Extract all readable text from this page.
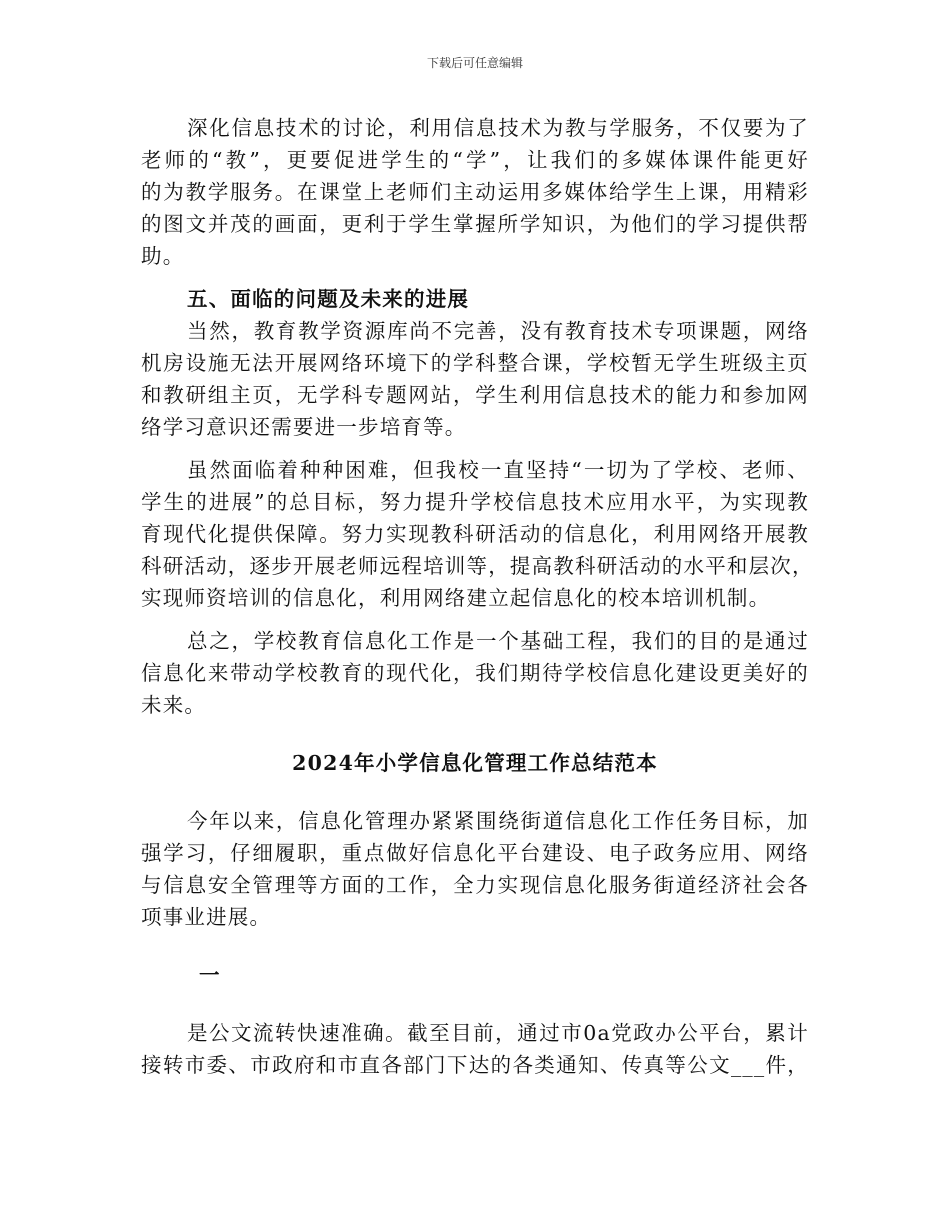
下载后可任意编辑
深化信息技术的讨论，利用信息技术为教与学服务，不仅要为了
老师的“教”，更要促进学生的“学”，让我们的多媒体课件能更好
的为教学服务。在课堂上老师们主动运用多媒体给学生上课，用精彩
的图文并茂的画面，更利于学生掌握所学知识，为他们的学习提供帮
助。
五、面临的问题及未来的进展
当然，教育教学资源库尚不完善，没有教育技术专项课题，网络
机房设施无法开展网络环境下的学科整合课，学校暂无学生班级主页
和教研组主页，无学科专题网站，学生利用信息技术的能力和参加网
络学习意识还需要进一步培育等。
虽然面临着种种困难，但我校一直坚持“一切为了学校、老师、
学生的进展”的总目标，努力提升学校信息技术应用水平，为实现教
育现代化提供保障。努力实现教科研活动的信息化，利用网络开展教
科研活动，逐步开展老师远程培训等，提高教科研活动的水平和层次，
实现师资培训的信息化，利用网络建立起信息化的校本培训机制。
总之，学校教育信息化工作是一个基础工程，我们的目的是通过
信息化来带动学校教育的现代化，我们期待学校信息化建设更美好的
未来。
2024年小学信息化管理工作总结范本
今年以来，信息化管理办紧紧围绕街道信息化工作任务目标，加
强学习，仔细履职，重点做好信息化平台建设、电子政务应用、网络
与信息安全管理等方面的工作，全力实现信息化服务街道经济社会各
项事业进展。
一
是公文流转快速准确。截至目前，通过市0a党政办公平台，累计
接转市委、市政府和市直各部门下达的各类通知、传真等公文___件，
